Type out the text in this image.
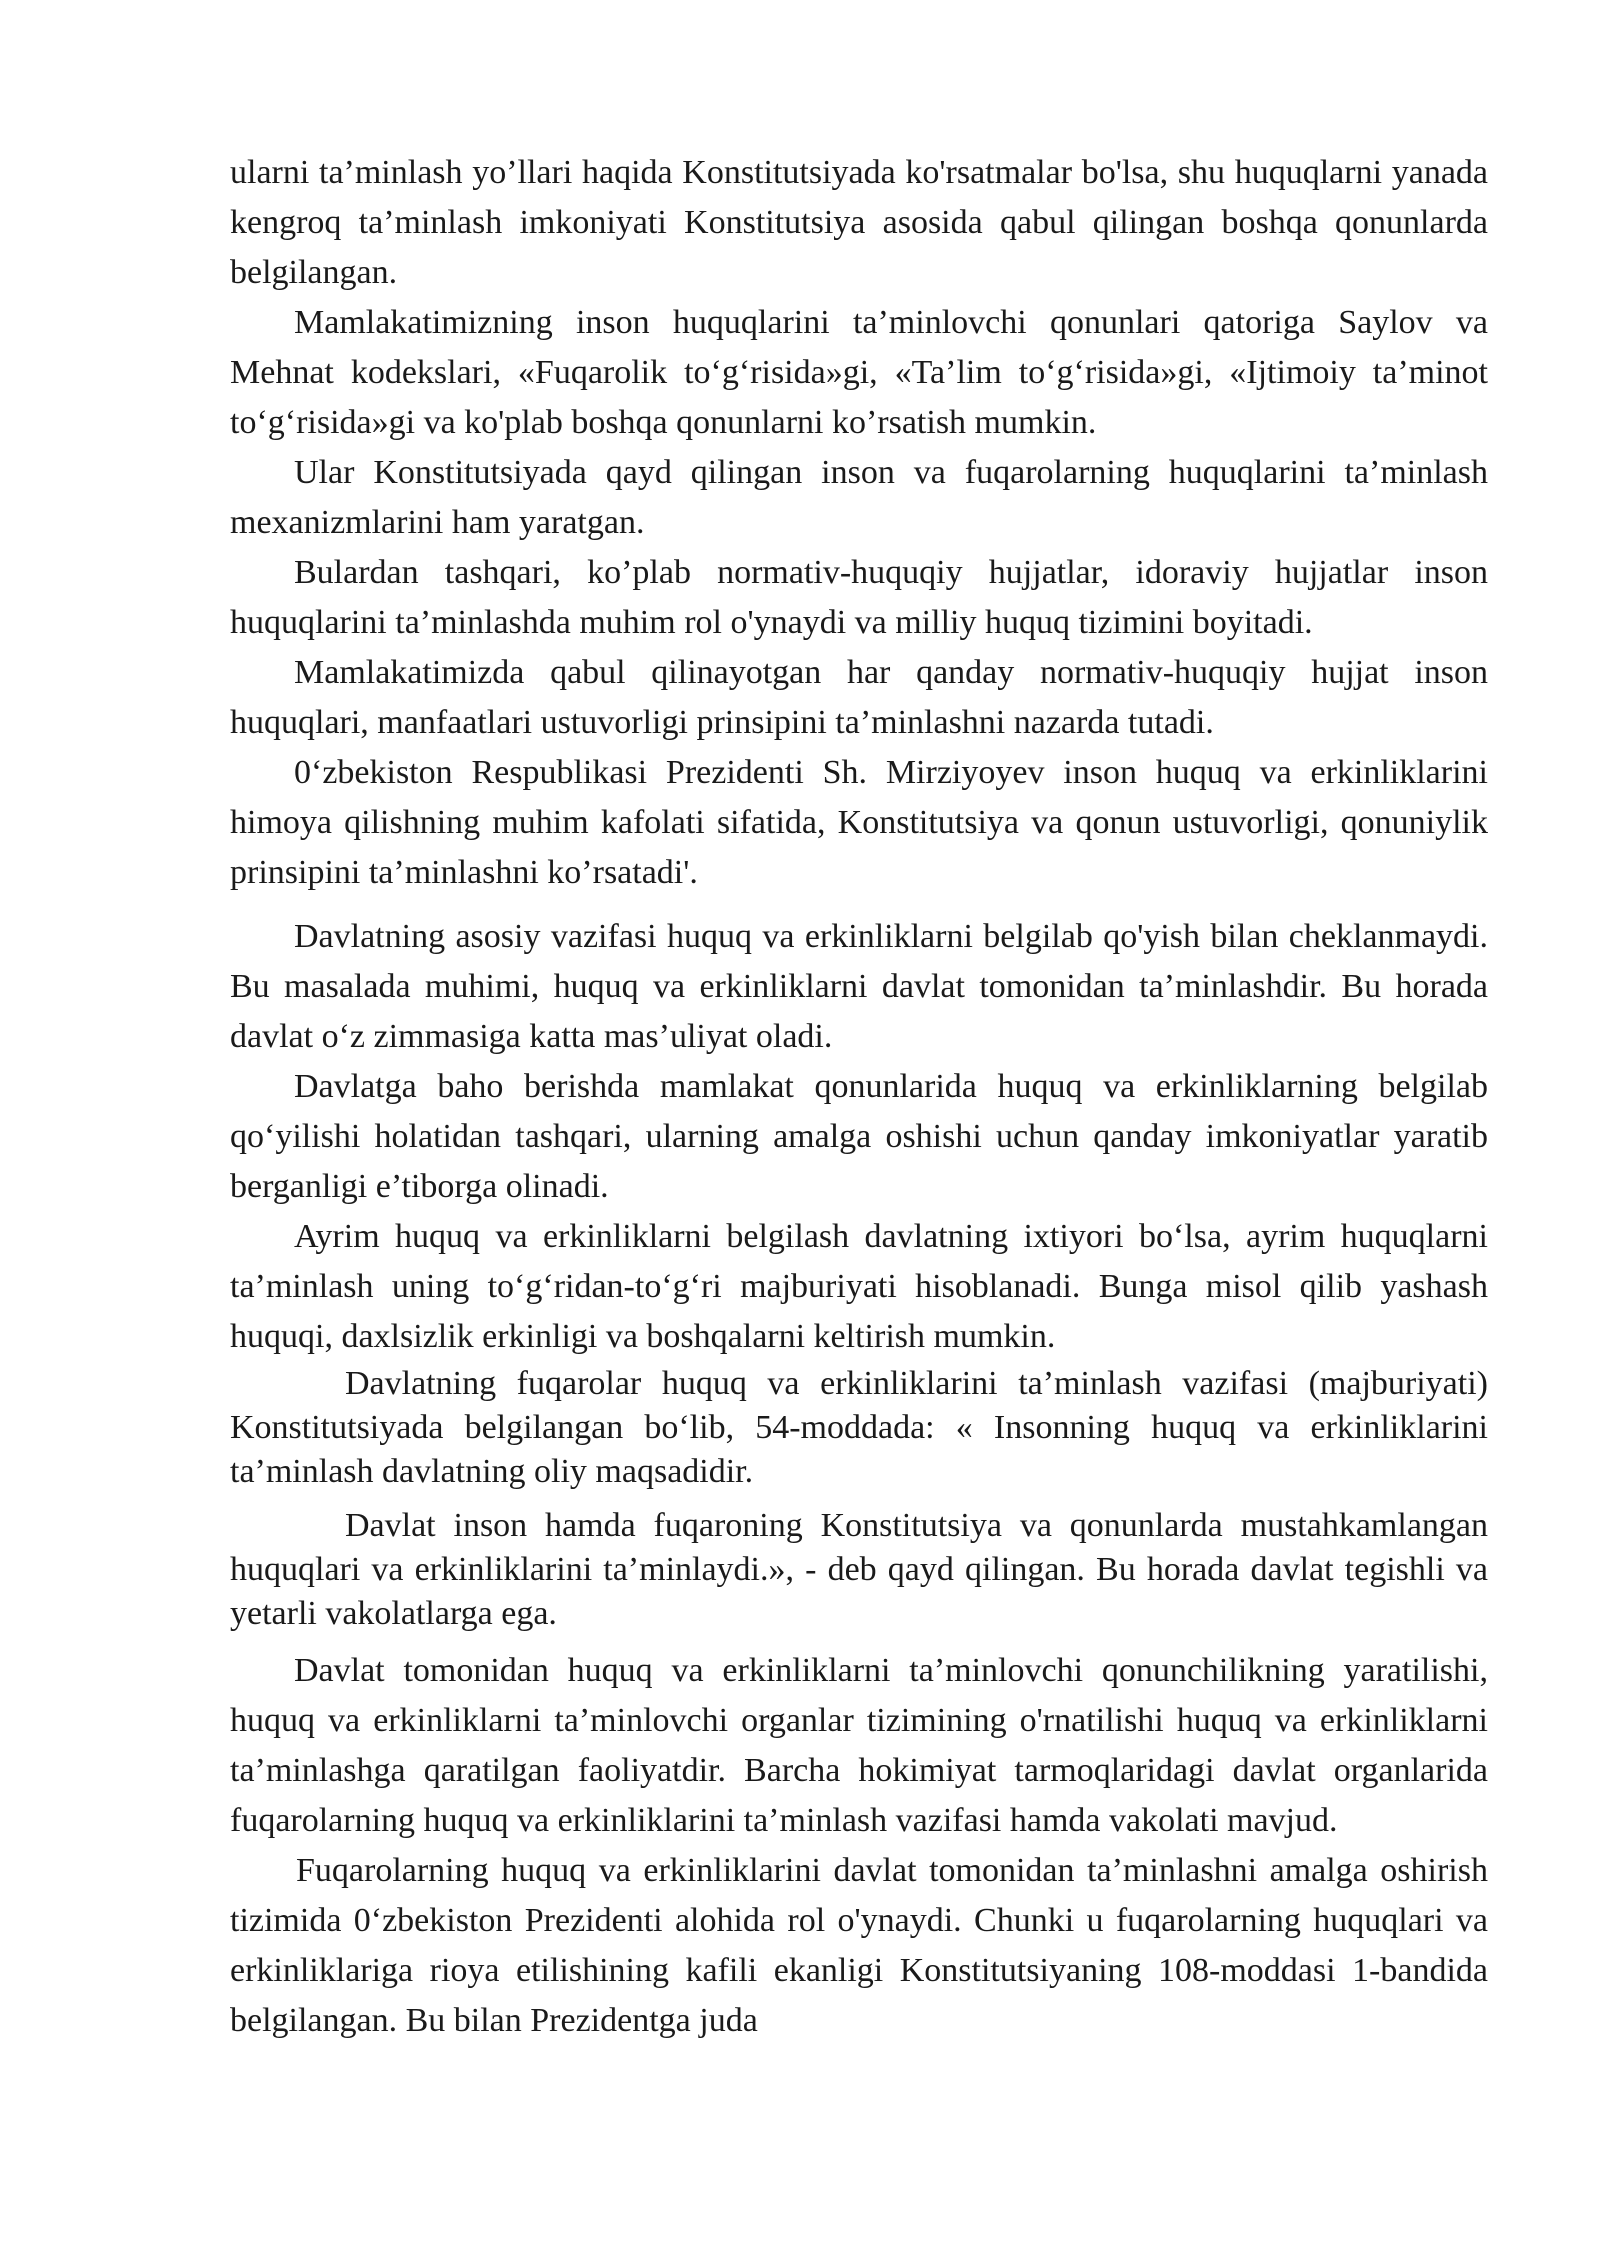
ularni ta’minlash yo’llari haqida Konstitutsiyada ko'rsatmalar bo'lsa, shu huquqlarni yanada kengroq ta’minlash imkoniyati Konstitutsiya asosida qabul qilingan boshqa qonunlarda belgilangan.

Mamlakatimizning inson huquqlarini ta’minlovchi qonunlari qatoriga Saylov va Mehnat kodekslari, «Fuqarolik to‘g‘risida»gi, «Ta’lim to‘g‘risida»gi, «Ijtimoiy ta’minot to‘g‘risida»gi va ko'plab boshqa qonunlarni ko’rsatish mumkin.

Ular Konstitutsiyada qayd qilingan inson va fuqarolarning huquqlarini ta’minlash mexanizmlarini ham yaratgan.

Bulardan tashqari, ko’plab normativ-huquqiy hujjatlar, idoraviy hujjatlar inson huquqlarini ta’minlashda muhim rol o'ynaydi va milliy huquq tizimini boyitadi.

Mamlakatimizda qabul qilinayotgan har qanday normativ-huquqiy hujjat inson huquqlari, manfaatlari ustuvorligi prinsipini ta’minlashni nazarda tutadi.

0‘zbekiston Respublikasi Prezidenti Sh. Mirziyoyev inson huquq va erkinliklarini himoya qilishning muhim kafolati sifatida, Konstitutsiya va qonun ustuvorligi, qonuniylik prinsipini ta’minlashni ko’rsatadi'.

Davlatning asosiy vazifasi huquq va erkinliklarni belgilab qo'yish bilan cheklanmaydi. Bu masalada muhimi, huquq va erkinliklarni davlat tomonidan ta’minlashdir. Bu horada davlat o‘z zimmasiga katta mas’uliyat oladi.

Davlatga baho berishda mamlakat qonunlarida huquq va erkinliklarning belgilab qo‘yilishi holatidan tashqari, ularning amalga oshishi uchun qanday imkoniyatlar yaratib berganligi e’tiborga olinadi.

Ayrim huquq va erkinliklarni belgilash davlatning ixtiyori bo‘lsa, ayrim huquqlarni ta’minlash uning to‘g‘ridan-to‘g‘ri majburiyati hisoblanadi. Bunga misol qilib yashash huquqi, daxlsizlik erkinligi va boshqalarni keltirish mumkin.

Davlatning fuqarolar huquq va erkinliklarini ta’minlash vazifasi (majburiyati) Konstitutsiyada belgilangan bo‘lib, 54-moddada: « Insonning huquq va erkinliklarini ta’minlash davlatning oliy maqsadidir.

Davlat inson hamda fuqaroning Konstitutsiya va qonunlarda mustahkamlangan huquqlari va erkinliklarini ta’minlaydi.», - deb qayd qilingan. Bu horada davlat tegishli va yetarli vakolatlarga ega.

Davlat tomonidan huquq va erkinliklarni ta’minlovchi qonunchilikning yaratilishi, huquq va erkinliklarni ta’minlovchi organlar tizimining o'rnatilishi huquq va erkinliklarni ta’minlashga qaratilgan faoliyatdir. Barcha hokimiyat tarmoqlaridagi davlat organlarida fuqarolarning huquq va erkinliklarini ta’minlash vazifasi hamda vakolati mavjud.

Fuqarolarning huquq va erkinliklarini davlat tomonidan ta’minlashni amalga oshirish tizimida 0‘zbekiston Prezidenti alohida rol o'ynaydi. Chunki u fuqarolarning huquqlari va erkinliklariga rioya etilishining kafili ekanligi Konstitutsiyaning 108-moddasi 1-bandida belgilangan. Bu bilan Prezidentga juda
